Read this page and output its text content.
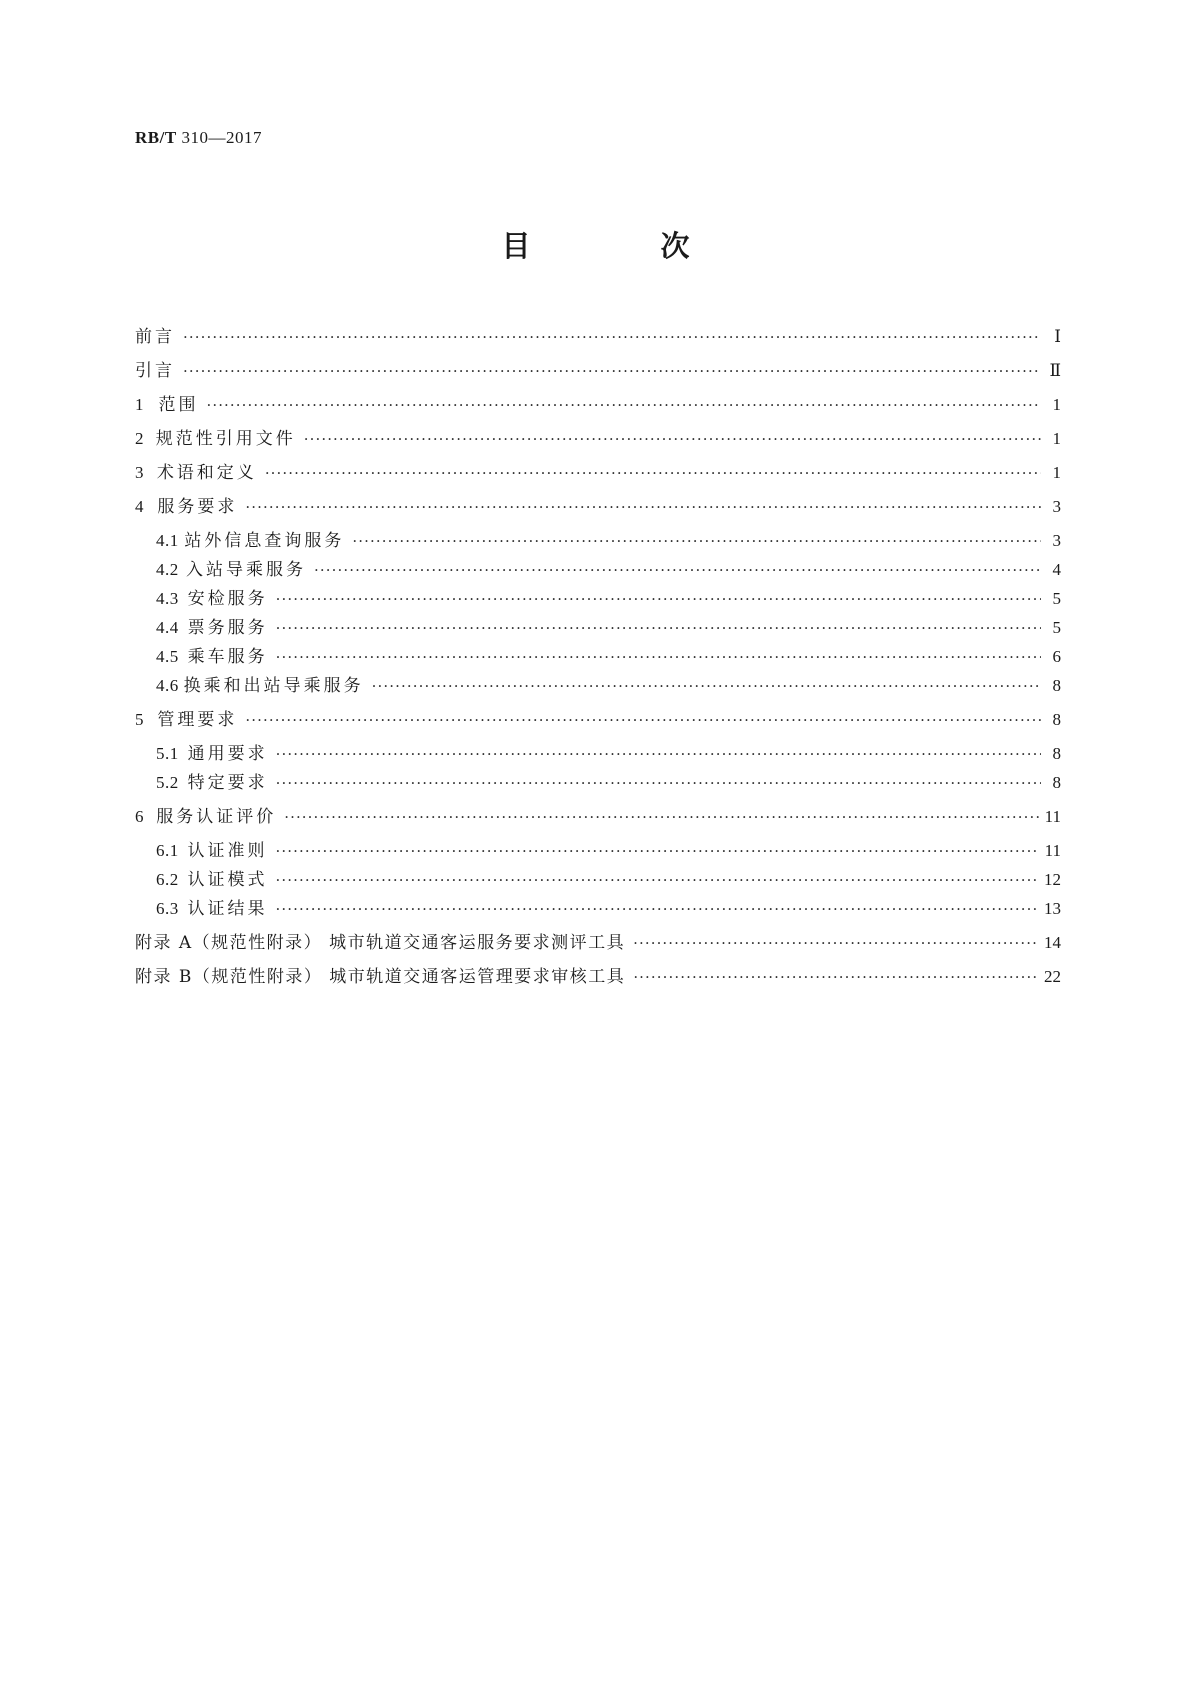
RB/T 310—2017
目 次
前言 ·····	Ⅰ
引言 ·····	Ⅱ
1 范围 ·····	1
2 规范性引用文件 ·····	1
3 术语和定义 ·····	1
4 服务要求 ·····	3
4.1 站外信息查询服务 ·····	3
4.2 入站导乘服务 ·····	4
4.3 安检服务 ·····	5
4.4 票务服务 ·····	5
4.5 乘车服务 ·····	6
4.6 换乘和出站导乘服务 ·····	8
5 管理要求 ·····	8
5.1 通用要求 ·····	8
5.2 特定要求 ·····	8
6 服务认证评价 ·····	11
6.1 认证准则 ·····	11
6.2 认证模式 ·····	12
6.3 认证结果 ·····	13
附录 A（规范性附录） 城市轨道交通客运服务要求测评工具 ·····	14
附录 B（规范性附录） 城市轨道交通客运管理要求审核工具 ·····	22
